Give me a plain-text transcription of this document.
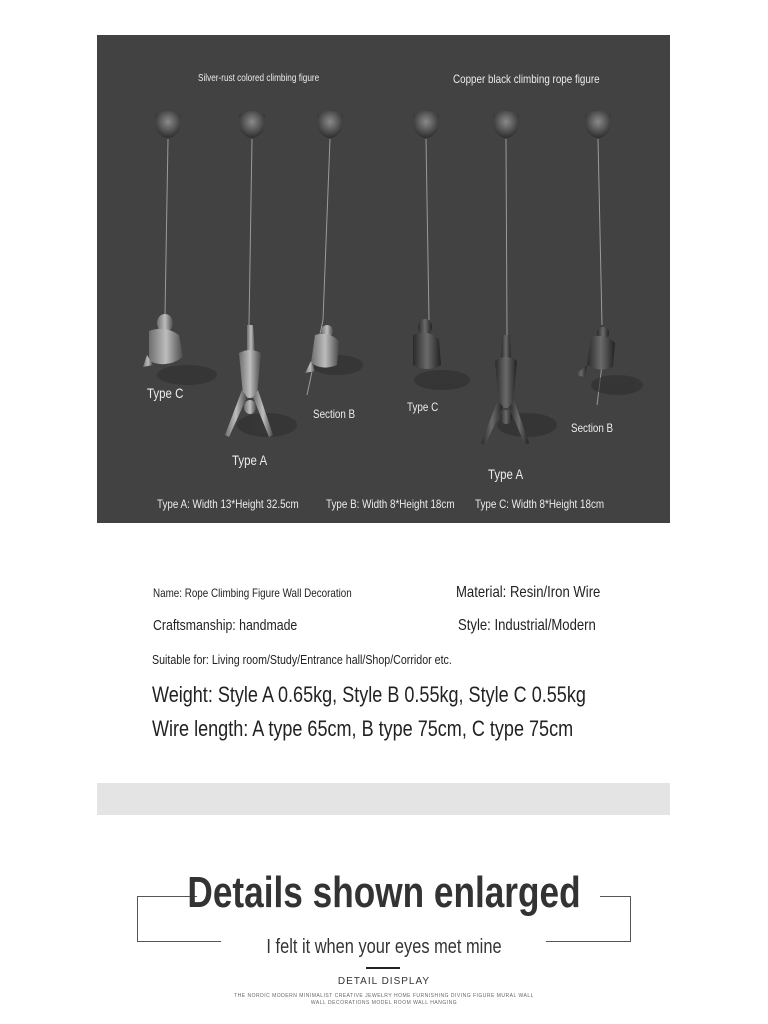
Silver-rust colored climbing figure	Copper black climbing rope figure
Type C
Type A
Section B	Type C
Type A
Section B
Type A: Width 13*Height 32.5cm Type B: Width 8*Height 18cm Type C: Width 8*Height 18cm
Name: Rope Climbing Figure Wall Decoration	Material: Resin/Iron Wire
Craftsmanship: handmade	Style: Industrial/Modern
Suitable for: Living room/Study/Entrance hall/Shop/Corridor etc.
Weight: Style A 0.65kg, Style B 0.55kg, Style C 0.55kg
Wire length: A type 65cm, B type 75cm, C type 75cm
Details shown enlarged
I felt it when your eyes met mine
DETAIL DISPLAY
THE NORDIC MODERN MINIMALIST CREATIVE JEWELRY HOME FURNISHING DIVING FIGURE MURAL WALL
WALL DECORATIONS MODEL ROOM WALL HANGING
